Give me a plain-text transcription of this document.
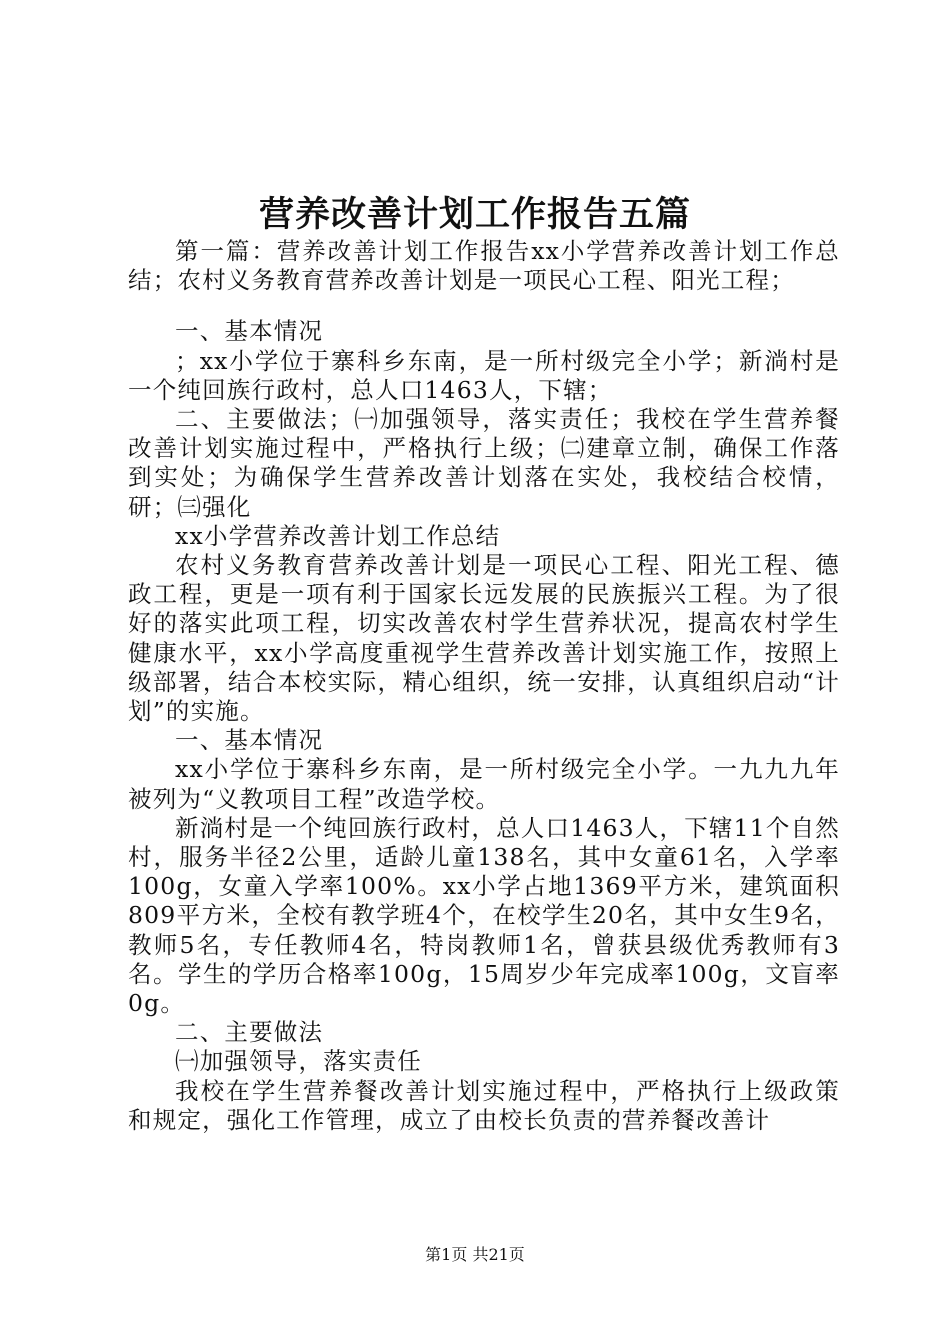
营养改善计划工作报告五篇

第一篇：营养改善计划工作报告xx小学营养改善计划工作总结；农村义务教育营养改善计划是一项民心工程、阳光工程；

一、基本情况

；xx小学位于寨科乡东南，是一所村级完全小学；新淌村是一个纯回族行政村，总人口1463人，下辖；

二、主要做法；㈠加强领导，落实责任；我校在学生营养餐改善计划实施过程中，严格执行上级；㈡建章立制，确保工作落到实处；为确保学生营养改善计划落在实处，我校结合校情，研；㈢强化

xx小学营养改善计划工作总结

农村义务教育营养改善计划是一项民心工程、阳光工程、德政工程，更是一项有利于国家长远发展的民族振兴工程。为了很好的落实此项工程，切实改善农村学生营养状况，提高农村学生健康水平，xx小学高度重视学生营养改善计划实施工作，按照上级部署，结合本校实际，精心组织，统一安排，认真组织启动“计划”的实施。

一、基本情况

xx小学位于寨科乡东南，是一所村级完全小学。一九九九年被列为“义教项目工程”改造学校。

新淌村是一个纯回族行政村，总人口1463人，下辖11个自然村，服务半径2公里，适龄儿童138名，其中女童61名，入学率100g，女童入学率100%。xx小学占地1369平方米，建筑面积809平方米，全校有教学班4个，在校学生20名，其中女生9名，教师5名，专任教师4名，特岗教师1名，曾获县级优秀教师有3名。学生的学历合格率100g，15周岁少年完成率100g，文盲率0g。

二、主要做法

㈠加强领导，落实责任

我校在学生营养餐改善计划实施过程中，严格执行上级政策和规定，强化工作管理，成立了由校长负责的营养餐改善计

第1页 共21页
